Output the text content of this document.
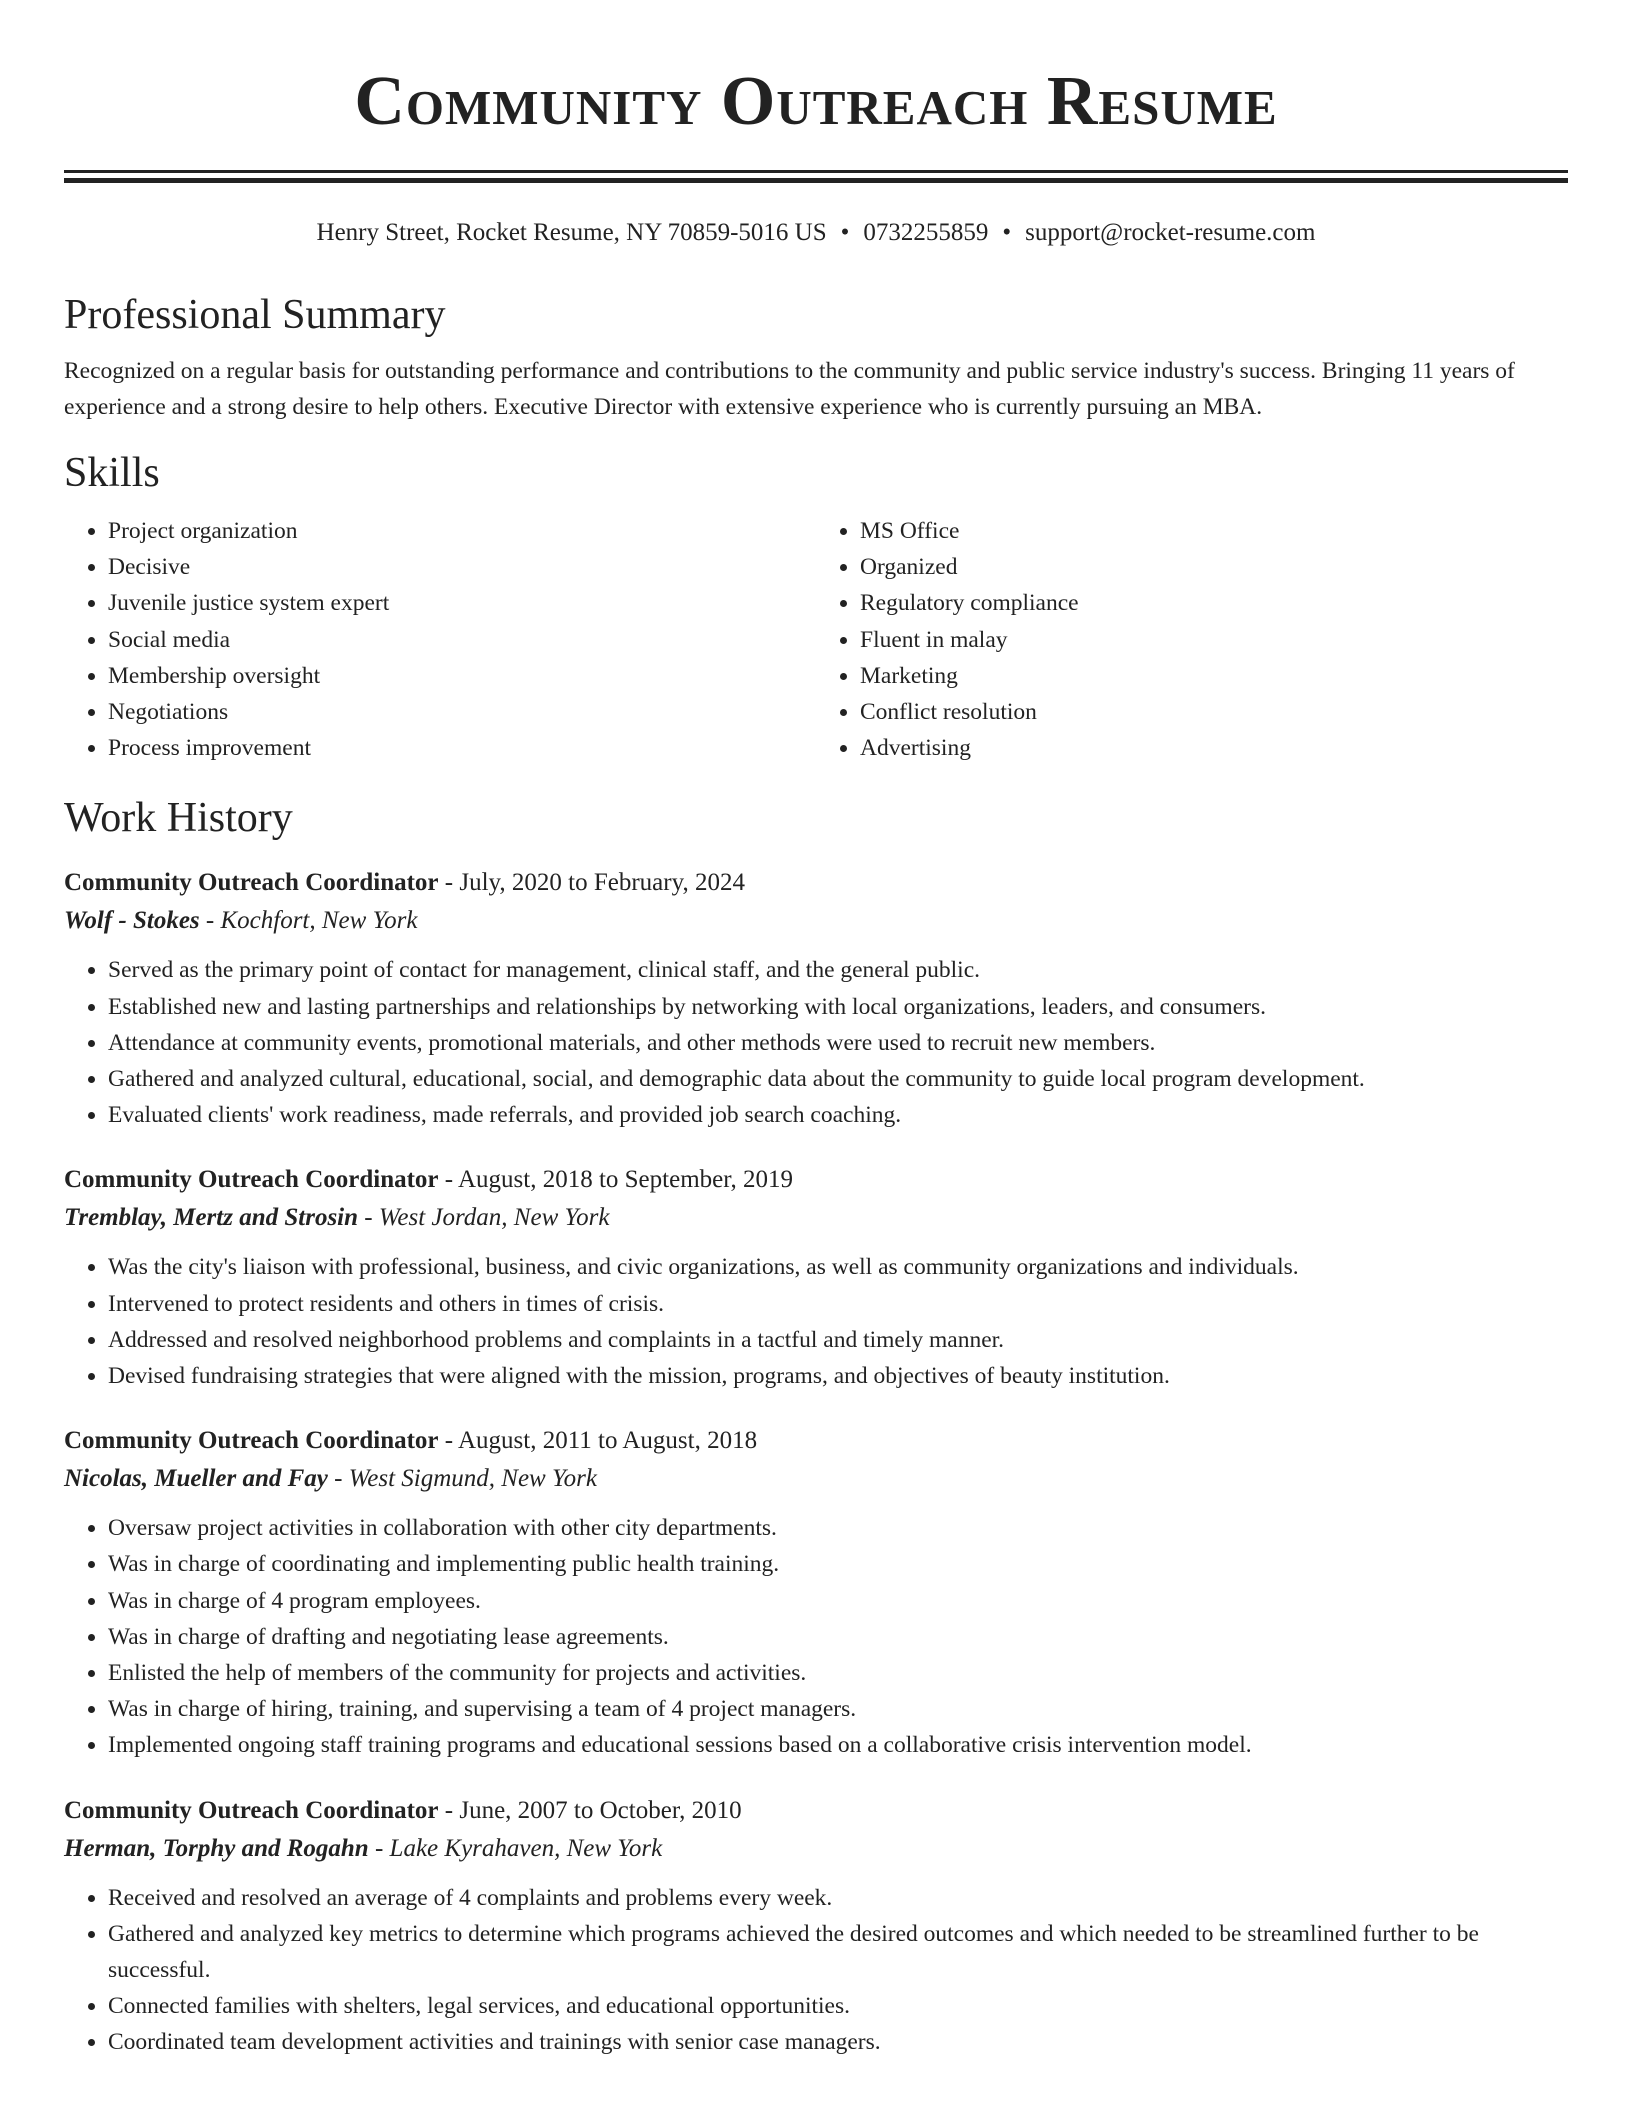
Community Outreach Resume
Henry Street, Rocket Resume, NY 70859-5016 US • 0732255859 • support@rocket-resume.com
Professional Summary
Recognized on a regular basis for outstanding performance and contributions to the community and public service industry's success. Bringing 11 years of experience and a strong desire to help others. Executive Director with extensive experience who is currently pursuing an MBA.
Skills
• Project organization
• Decisive
• Juvenile justice system expert
• Social media
• Membership oversight
• Negotiations
• Process improvement
• MS Office
• Organized
• Regulatory compliance
• Fluent in malay
• Marketing
• Conflict resolution
• Advertising
Work History
Community Outreach Coordinator - July, 2020 to February, 2024
Wolf - Stokes - Kochfort, New York
• Served as the primary point of contact for management, clinical staff, and the general public.
• Established new and lasting partnerships and relationships by networking with local organizations, leaders, and consumers.
• Attendance at community events, promotional materials, and other methods were used to recruit new members.
• Gathered and analyzed cultural, educational, social, and demographic data about the community to guide local program development.
• Evaluated clients' work readiness, made referrals, and provided job search coaching.
Community Outreach Coordinator - August, 2018 to September, 2019
Tremblay, Mertz and Strosin - West Jordan, New York
• Was the city's liaison with professional, business, and civic organizations, as well as community organizations and individuals.
• Intervened to protect residents and others in times of crisis.
• Addressed and resolved neighborhood problems and complaints in a tactful and timely manner.
• Devised fundraising strategies that were aligned with the mission, programs, and objectives of beauty institution.
Community Outreach Coordinator - August, 2011 to August, 2018
Nicolas, Mueller and Fay - West Sigmund, New York
• Oversaw project activities in collaboration with other city departments.
• Was in charge of coordinating and implementing public health training.
• Was in charge of 4 program employees.
• Was in charge of drafting and negotiating lease agreements.
• Enlisted the help of members of the community for projects and activities.
• Was in charge of hiring, training, and supervising a team of 4 project managers.
• Implemented ongoing staff training programs and educational sessions based on a collaborative crisis intervention model.
Community Outreach Coordinator - June, 2007 to October, 2010
Herman, Torphy and Rogahn - Lake Kyrahaven, New York
• Received and resolved an average of 4 complaints and problems every week.
• Gathered and analyzed key metrics to determine which programs achieved the desired outcomes and which needed to be streamlined further to be successful.
• Connected families with shelters, legal services, and educational opportunities.
• Coordinated team development activities and trainings with senior case managers.
